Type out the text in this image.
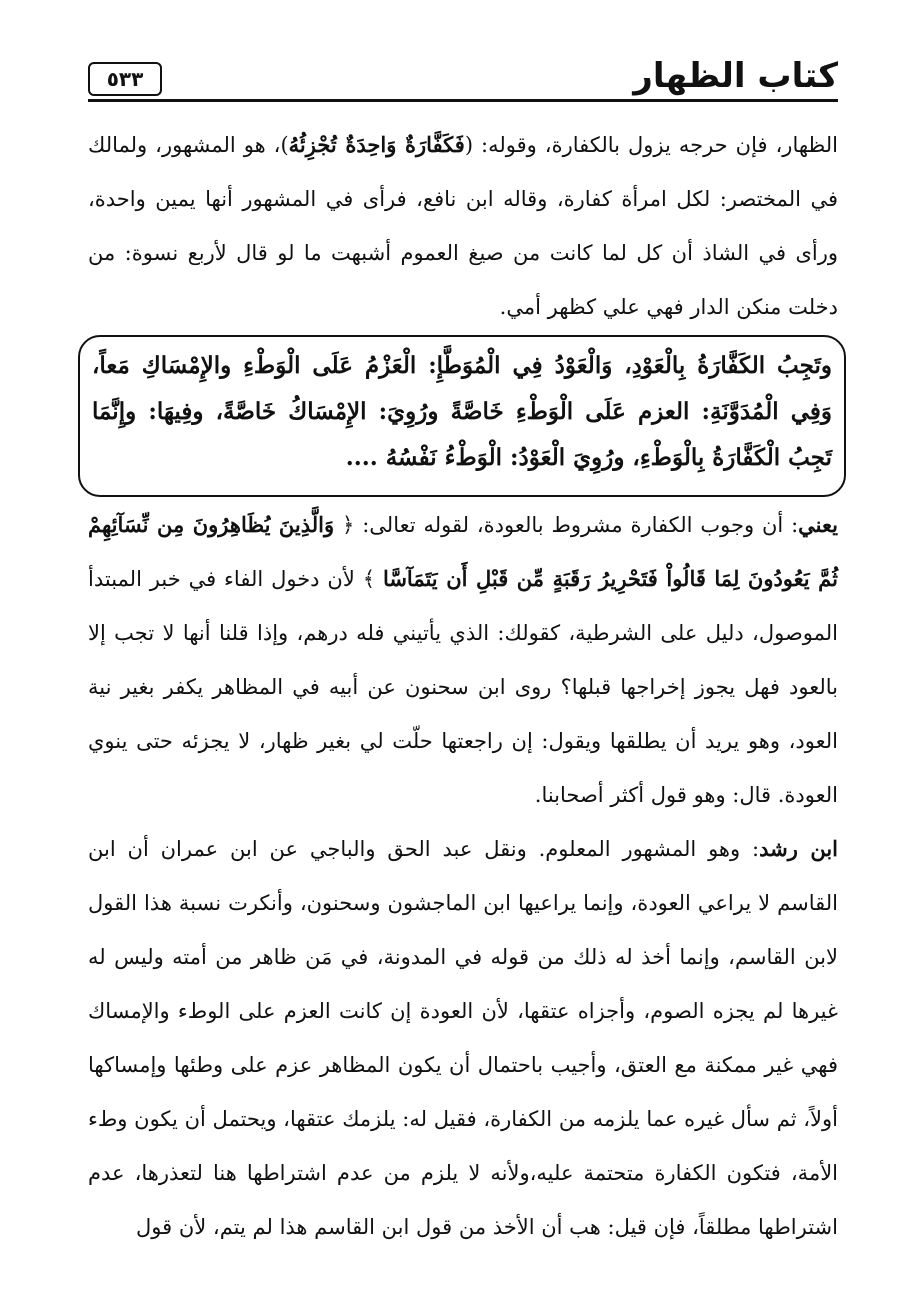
كتاب الظهار
٥٣٣

الظهار، فإن حرجه يزول بالكفارة، وقوله: (فَكَفَّارَةٌ وَاحِدَةٌ تُجْزِئُهُ)، هو المشهور، ولمالك في المختصر: لكل امرأة كفارة، وقاله ابن نافع، فرأى في المشهور أنها يمين واحدة، ورأى في الشاذ أن كل لما كانت من صيغ العموم أشبهت ما لو قال لأربع نسوة: من دخلت منكن الدار فهي علي كظهر أمي.

وتَجِبُ الكَفَّارَةُ بِالْعَوْدِ، وَالْعَوْدُ فِي الْمُوَطَّإِ: الْعَزْمُ عَلَى الْوَطْءِ والإِمْسَاكِ مَعاً، وَفِي الْمُدَوَّنَةِ: العزم عَلَى الْوَطْءِ خَاصَّةً ورُوِيَ: الإِمْسَاكُ خَاصَّةً، وفِيهَا: وإِنَّمَا تَجِبُ الْكَفَّارَةُ بِالْوَطْءِ، ورُوِيَ الْعَوْدُ: الْوَطْءُ نَفْسُهُ ....

يعني: أن وجوب الكفارة مشروط بالعودة، لقوله تعالى: ﴿ وَالَّذِينَ يُظَاهِرُونَ مِن نِّسَآئِهِمْ ثُمَّ يَعُودُونَ لِمَا قَالُواْ فَتَحْرِيرُ رَقَبَةٍ مِّن قَبْلِ أَن يَتَمَآسَّا ﴾ لأن دخول الفاء في خبر المبتدأ الموصول، دليل على الشرطية، كقولك: الذي يأتيني فله درهم، وإذا قلنا أنها لا تجب إلا بالعود فهل يجوز إخراجها قبلها؟ روى ابن سحنون عن أبيه في المظاهر يكفر بغير نية العود، وهو يريد أن يطلقها ويقول: إن راجعتها حلّت لي بغير ظهار، لا يجزئه حتى ينوي العودة. قال: وهو قول أكثر أصحابنا.

ابن رشد: وهو المشهور المعلوم. ونقل عبد الحق والباجي عن ابن عمران أن ابن القاسم لا يراعي العودة، وإنما يراعيها ابن الماجشون وسحنون، وأنكرت نسبة هذا القول لابن القاسم، وإنما أخذ له ذلك من قوله في المدونة، في مَن ظاهر من أمته وليس له غيرها لم يجزه الصوم، وأجزاه عتقها، لأن العودة إن كانت العزم على الوطء والإمساك فهي غير ممكنة مع العتق، وأجيب باحتمال أن يكون المظاهر عزم على وطئها وإمساكها أولاً، ثم سأل غيره عما يلزمه من الكفارة، فقيل له: يلزمك عتقها، ويحتمل أن يكون وطء الأمة، فتكون الكفارة متحتمة عليه،ولأنه لا يلزم من عدم اشتراطها هنا لتعذرها، عدم اشتراطها مطلقاً، فإن قيل: هب أن الأخذ من قول ابن القاسم هذا لم يتم، لأن قول
